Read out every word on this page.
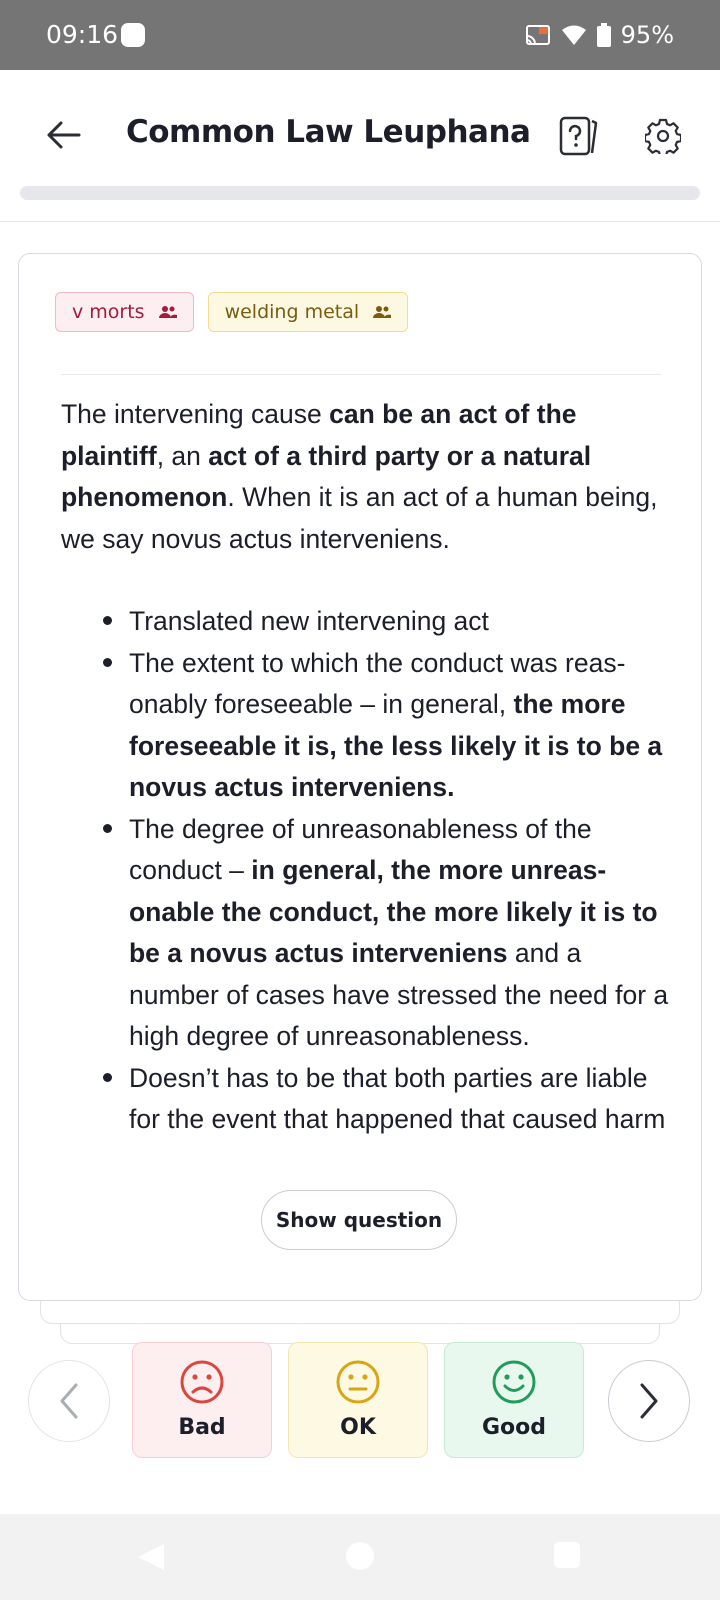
09:16	95%
Common Law Leuphana
v morts	welding metal

The intervening cause can be an act of the plaintiff, an act of a third party or a natural phenomenon. When it is an act of a human being, we say novus actus interveniens.

Translated new intervening act
The extent to which the conduct was reasonably foreseeable – in general, the more foreseeable it is, the less likely it is to be a novus actus interveniens.
The degree of unreasonableness of the conduct – in general, the more unreasonable the conduct, the more likely it is to be a novus actus interveniens and a number of cases have stressed the need for a high degree of unreasonableness.
Doesn’t has to be that both parties are liable for the event that happened that caused harm
Show question
Bad	OK	Good
